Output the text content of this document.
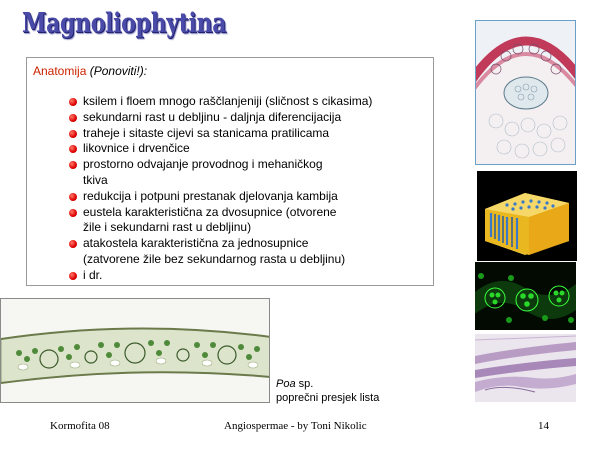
Magnoliophytina
Anatomija (Ponoviti!):
ksilem i floem mnogo raščlanjeniji (sličnost s cikasima)
sekundarni rast u debljinu - daljnja diferencijacija
traheje i sitaste cijevi sa stanicama pratilicama
likovnice i drvenčice
prostorno odvajanje provodnog i mehaničkog
tkiva
redukcija i potpuni prestanak djelovanja kambija
eustela karakteristična za dvosupnice (otvorene
žile i sekundarni rast u debljinu)
atakostela karakteristična za jednosupnice
(zatvorene žile bez sekundarnog rasta u debljinu)
i dr.
Poa sp.
poprečni presjek lista
Kormofita 08	Angiospermae - by Toni Nikolic	14
